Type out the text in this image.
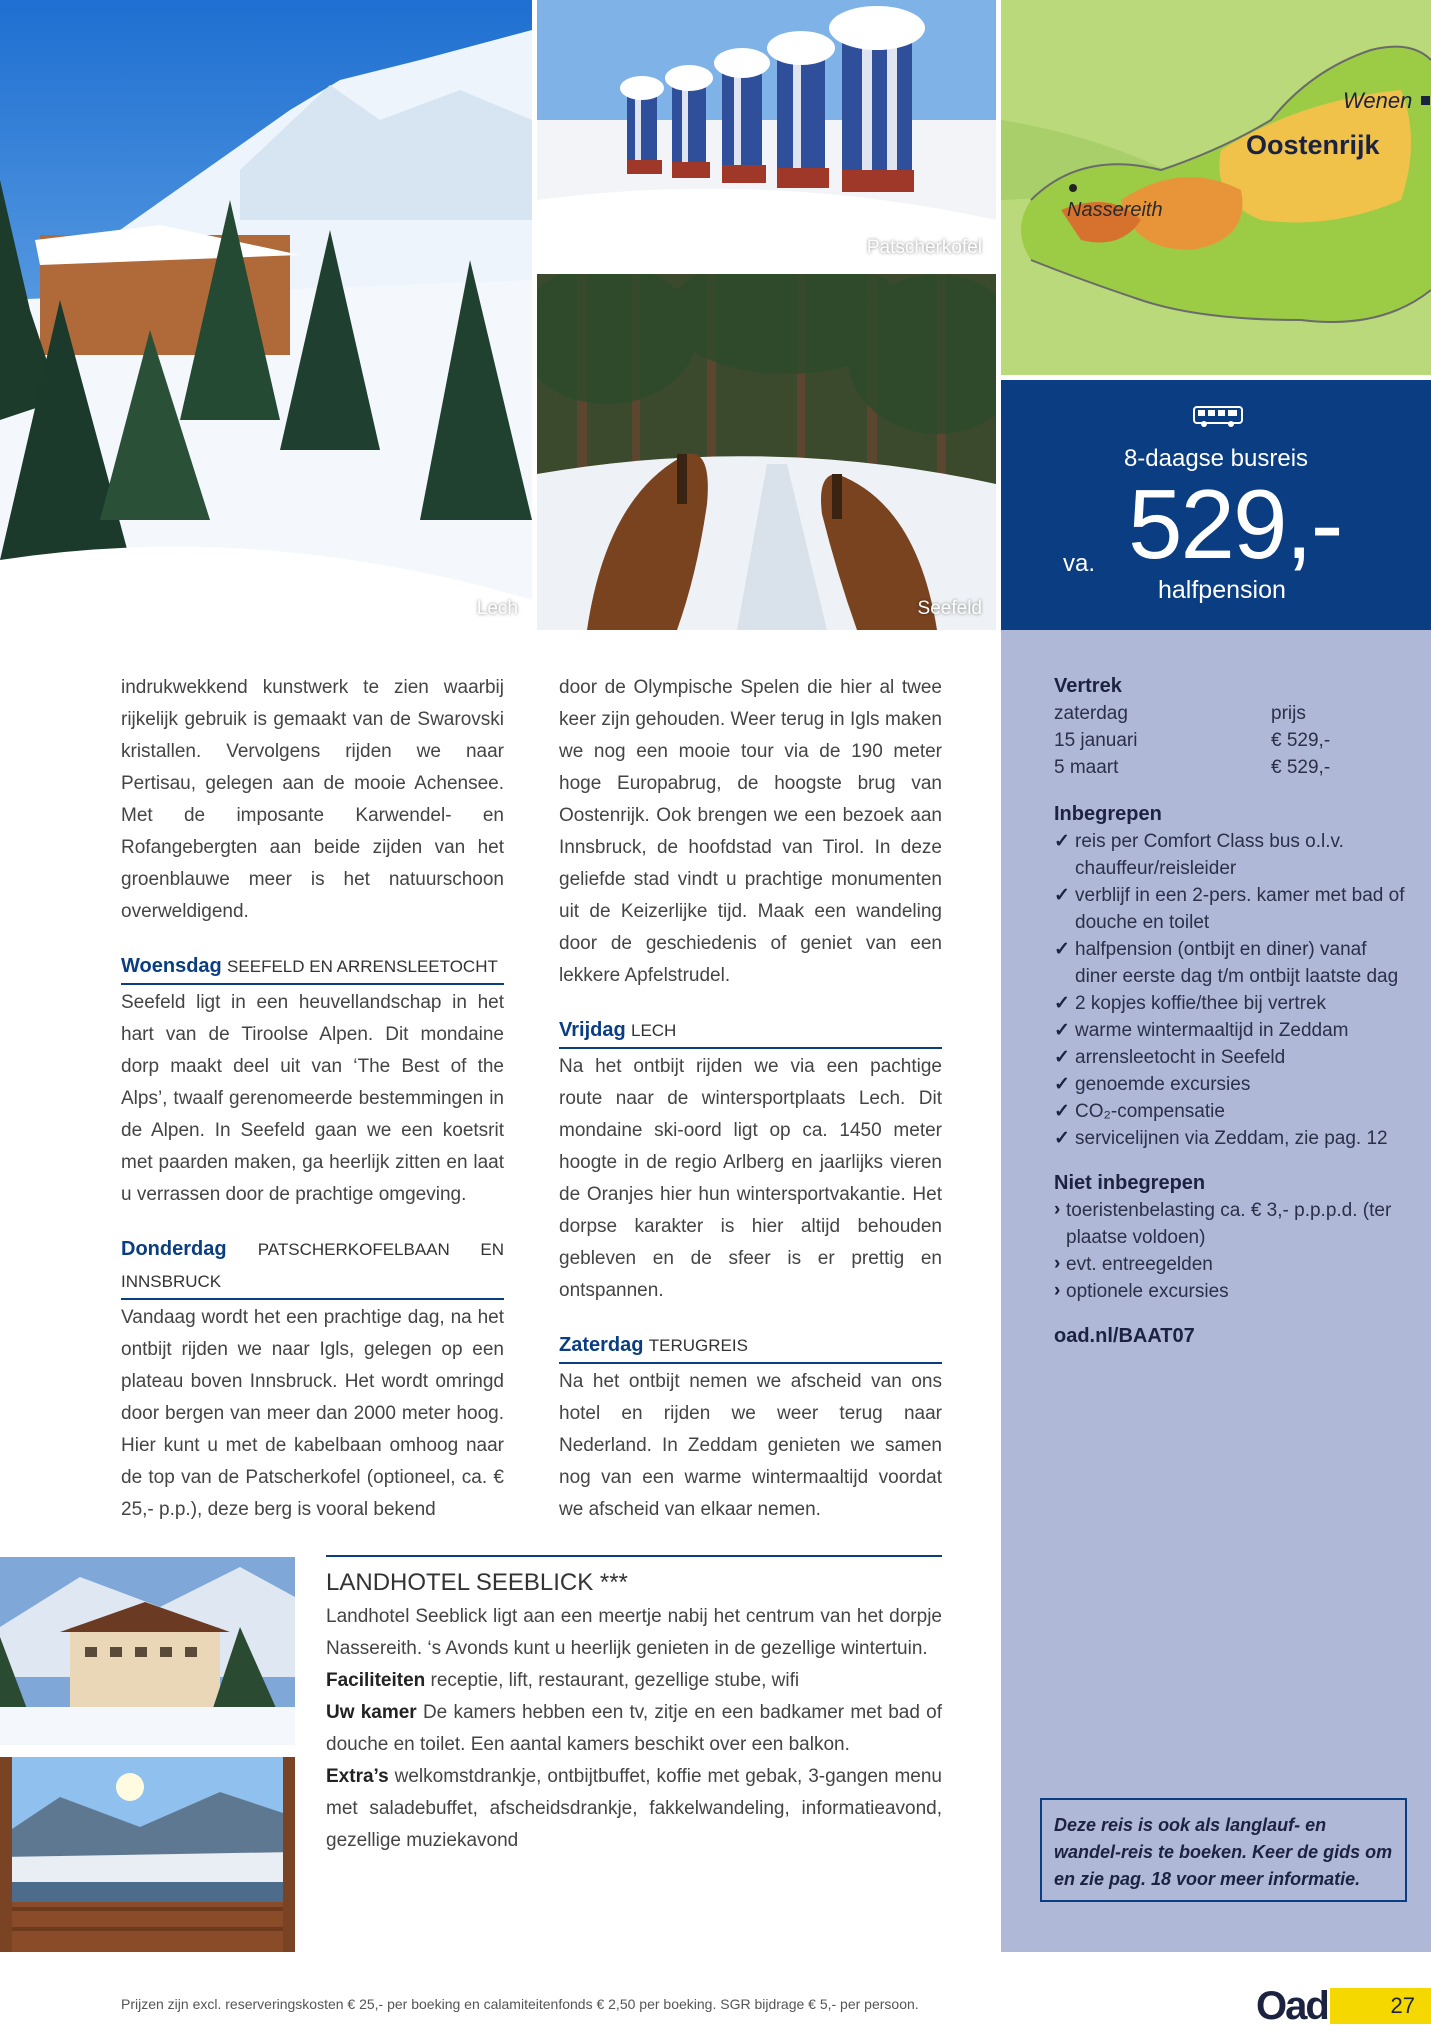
Lech
Patscherkofel
Seefeld
Wenen
Oostenrijk
Nassereith
8-daagse busreis
va. 529,-
halfpension
Vertrek
zaterdag	prijs
15 januari	€ 529,-
5 maart	€ 529,-
Inbegrepen
✓ reis per Comfort Class bus o.l.v. chauffeur/reisleider
✓ verblijf in een 2-pers. kamer met bad of douche en toilet
✓ halfpension (ontbijt en diner) vanaf diner eerste dag t/m ontbijt laatste dag
✓ 2 kopjes koffie/thee bij vertrek
✓ warme wintermaaltijd in Zeddam
✓ arrensleetocht in Seefeld
✓ genoemde excursies
✓ CO₂-compensatie
✓ servicelijnen via Zeddam, zie pag. 12
Niet inbegrepen
› toeristenbelasting ca. € 3,- p.p.p.d. (ter plaatse voldoen)
› evt. entreegelden
› optionele excursies
oad.nl/BAAT07
Deze reis is ook als langlauf- en wandel-reis te boeken. Keer de gids om en zie pag. 18 voor meer informatie.

indrukwekkend kunstwerk te zien waarbij rijkelijk gebruik is gemaakt van de Swarovski kristallen. Vervolgens rijden we naar Pertisau, gelegen aan de mooie Achensee. Met de imposante Karwendel- en Rofangebergten aan beide zijden van het groenblauwe meer is het natuurschoon overweldigend.

Woensdag SEEFELD EN ARRENSLEETOCHT

Seefeld ligt in een heuvellandschap in het hart van de Tiroolse Alpen. Dit mondaine dorp maakt deel uit van ‘The Best of the Alps’, twaalf gerenomeerde bestemmingen in de Alpen. In Seefeld gaan we een koetsrit met paarden maken, ga heerlijk zitten en laat u verrassen door de prachtige omgeving.

Donderdag PATSCHERKOFELBAAN EN INNSBRUCK

Vandaag wordt het een prachtige dag, na het ontbijt rijden we naar Igls, gelegen op een plateau boven Innsbruck. Het wordt omringd door bergen van meer dan 2000 meter hoog. Hier kunt u met de kabelbaan omhoog naar de top van de Patscherkofel (optioneel, ca. € 25,- p.p.), deze berg is vooral bekend

door de Olympische Spelen die hier al twee keer zijn gehouden. Weer terug in Igls maken we nog een mooie tour via de 190 meter hoge Europabrug, de hoogste brug van Oostenrijk. Ook brengen we een bezoek aan Innsbruck, de hoofdstad van Tirol. In deze geliefde stad vindt u prachtige monumenten uit de Keizerlijke tijd. Maak een wandeling door de geschiedenis of geniet van een lekkere Apfelstrudel.

Vrijdag LECH

Na het ontbijt rijden we via een pachtige route naar de wintersportplaats Lech. Dit mondaine ski-oord ligt op ca. 1450 meter hoogte in de regio Arlberg en jaarlijks vieren de Oranjes hier hun wintersportvakantie. Het dorpse karakter is hier altijd behouden gebleven en de sfeer is er prettig en ontspannen.

Zaterdag TERUGREIS

Na het ontbijt nemen we afscheid van ons hotel en rijden we weer terug naar Nederland. In Zeddam genieten we samen nog van een warme wintermaaltijd voordat we afscheid van elkaar nemen.

LANDHOTEL SEEBLICK ***
Landhotel Seeblick ligt aan een meertje nabij het centrum van het dorpje Nassereith. ‘s Avonds kunt u heerlijk genieten in de gezellige wintertuin.
Faciliteiten receptie, lift, restaurant, gezellige stube, wifi
Uw kamer De kamers hebben een tv, zitje en een badkamer met bad of douche en toilet. Een aantal kamers beschikt over een balkon.
Extra’s welkomstdrankje, ontbijtbuffet, koffie met gebak, 3-gangen menu met saladebuffet, afscheidsdrankje, fakkelwandeling, informatieavond, gezellige muziekavond
Prijzen zijn excl. reserveringskosten € 25,- per boeking en calamiteitenfonds € 2,50 per boeking. SGR bijdrage € 5,- per persoon.	27
Oad
